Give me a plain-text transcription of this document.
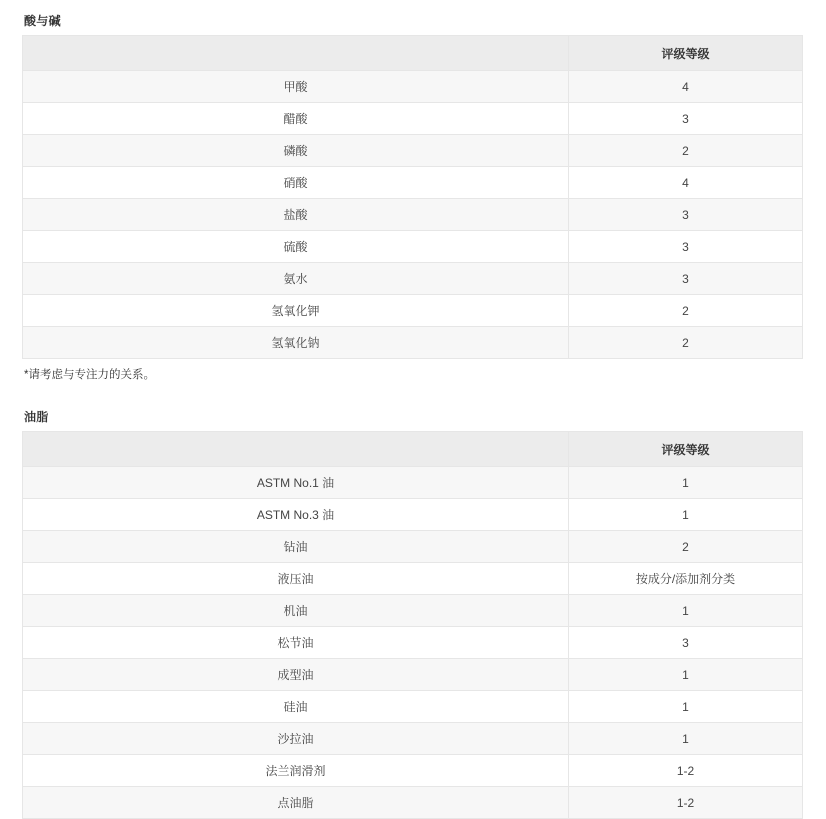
酸与碱
	评级等级
甲酸	4
醋酸	3
磷酸	2
硝酸	4
盐酸	3
硫酸	3
氨水	3
氢氧化钾	2
氢氧化钠	2
*请考虑与专注力的关系。
油脂
	评级等级
ASTM No.1 油	1
ASTM No.3 油	1
钻油	2
液压油	按成分/添加剂分类
机油	1
松节油	3
成型油	1
硅油	1
沙拉油	1
法兰润滑剂	1-2
点油脂	1-2
